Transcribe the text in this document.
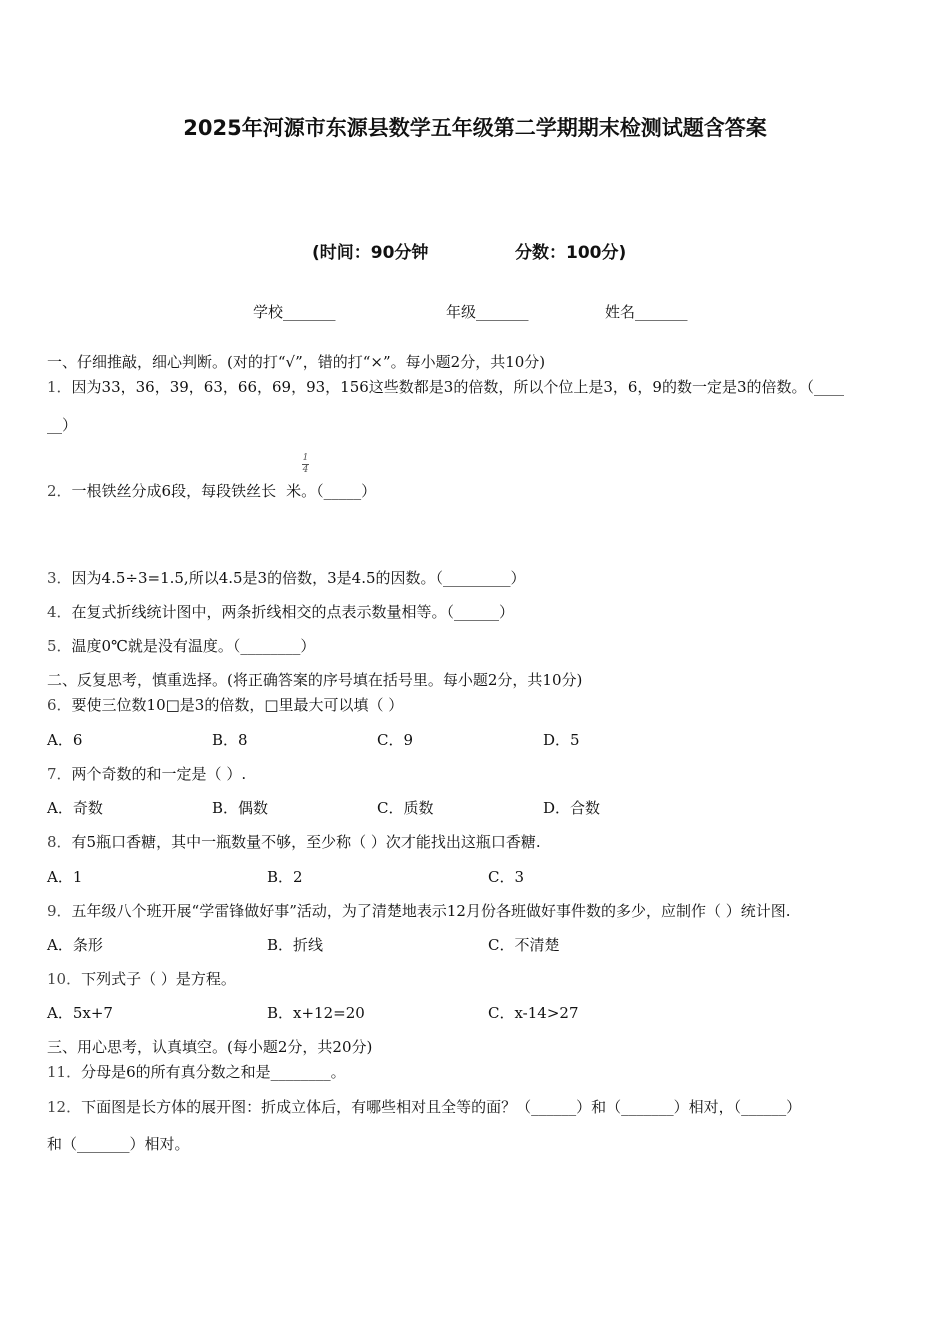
2025年河源市东源县数学五年级第二学期期末检测试题含答案
(时间：90分钟	分数：100分)
学校_______	年级_______	姓名_______
一、仔细推敲，细心判断。(对的打“√”，错的打“×”。每小题2分，共10分)
1．因为33，36，39，63，66，69，93，156这些数都是3的倍数，所以个位上是3，6，9的数一定是3的倍数。（____
__）
1
4
2．一根铁丝分成6段，每段铁丝长 米。（_____）
3．因为4.5÷3=1.5,所以4.5是3的倍数，3是4.5的因数。（_________）
4．在复式折线统计图中，两条折线相交的点表示数量相等。（______）
5．温度0℃就是没有温度。（________）
二、反复思考，慎重选择。(将正确答案的序号填在括号里。每小题2分，共10分)
6．要使三位数10□是3的倍数，□里最大可以填（ ）
A．6	B．8	C．9	D．5
7．两个奇数的和一定是（ ）.
A．奇数	B．偶数	C．质数	D．合数
8．有5瓶口香糖，其中一瓶数量不够，至少称（ ）次才能找出这瓶口香糖.
A．1	B．2	C．3
9．五年级八个班开展“学雷锋做好事”活动，为了清楚地表示12月份各班做好事件数的多少，应制作（ ）统计图.
A．条形	B．折线	C．不清楚
10．下列式子（ ）是方程。
A．5x+7	B．x+12=20	C．x-14>27
三、用心思考，认真填空。(每小题2分，共20分)
11．分母是6的所有真分数之和是________。
12．下面图是长方体的展开图：折成立体后，有哪些相对且全等的面？（______）和（_______）相对，（______）
和（_______）相对。
